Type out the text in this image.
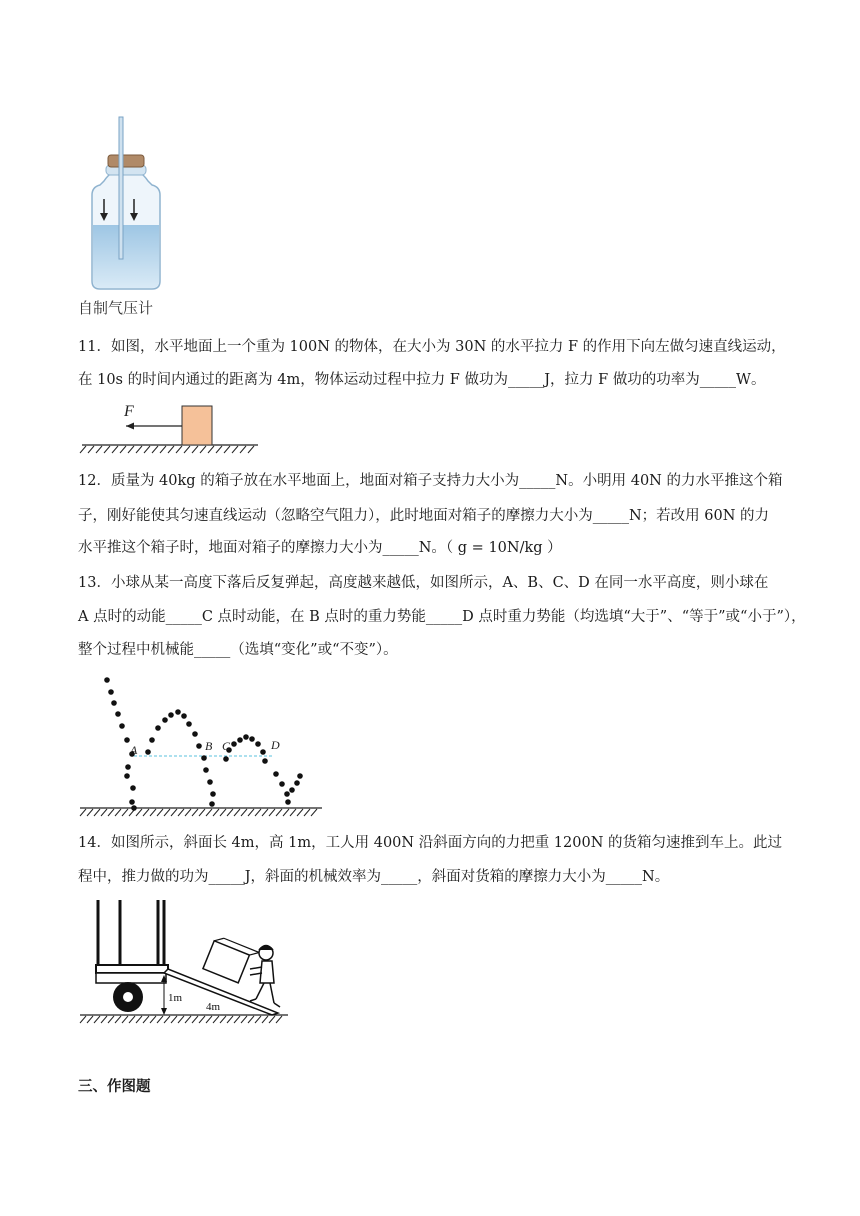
自制气压计
11．如图，水平地面上一个重为 100N 的物体，在大小为 30N 的水平拉力 F 的作用下向左做匀速直线运动，
在 10s 的时间内通过的距离为 4m，物体运动过程中拉力 F 做功为_____J，拉力 F 做功的功率为_____W。
F
12．质量为 40kg 的箱子放在水平地面上，地面对箱子支持力大小为_____N。小明用 40N 的力水平推这个箱
子，刚好能使其匀速直线运动（忽略空气阻力），此时地面对箱子的摩擦力大小为_____N；若改用 60N 的力
水平推这个箱子时，地面对箱子的摩擦力大小为_____N。（ g = 10N/kg ）
13．小球从某一高度下落后反复弹起，高度越来越低，如图所示，A、B、C、D 在同一水平高度，则小球在
A 点时的动能_____C 点时动能，在 B 点时的重力势能_____D 点时重力势能（均选填“大于”、“等于”或“小于”），
整个过程中机械能_____（选填“变化”或“不变”）。
A	B C	D
14．如图所示，斜面长 4m，高 1m，工人用 400N 沿斜面方向的力把重 1200N 的货箱匀速推到车上。此过
程中，推力做的功为_____J，斜面的机械效率为_____，斜面对货箱的摩擦力大小为_____N。
1m
4m
三、作图题
